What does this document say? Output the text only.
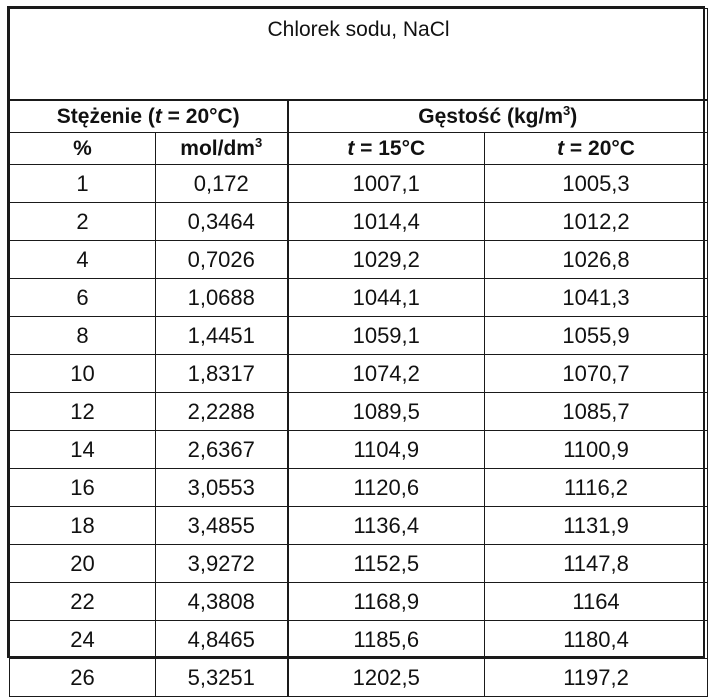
Chlorek sodu, NaCl			
Stężenie (t = 20°C)		Gęstość $(kg/m^3)$	
%	mol/$dm^3$	t = 15°C	t = 20°C
1	0,172	1007,1	1005,3
2	0,3464	1014,4	1012,2
4	0,7026	1029,2	1026,8
6	1,0688	1044,1	1041,3
8	1,4451	1059,1	1055,9
10	1,8317	1074,2	1070,7
12	2,2288	1089,5	1085,7
14	2,6367	1104,9	1100,9
16	3,0553	1120,6	1116,2
18	3,4855	1136,4	1131,9
20	3,9272	1152,5	1147,8
22	4,3808	1168,9	1164
24	4,8465	1185,6	1180,4
26	5,3251	1202,5	1197,2
